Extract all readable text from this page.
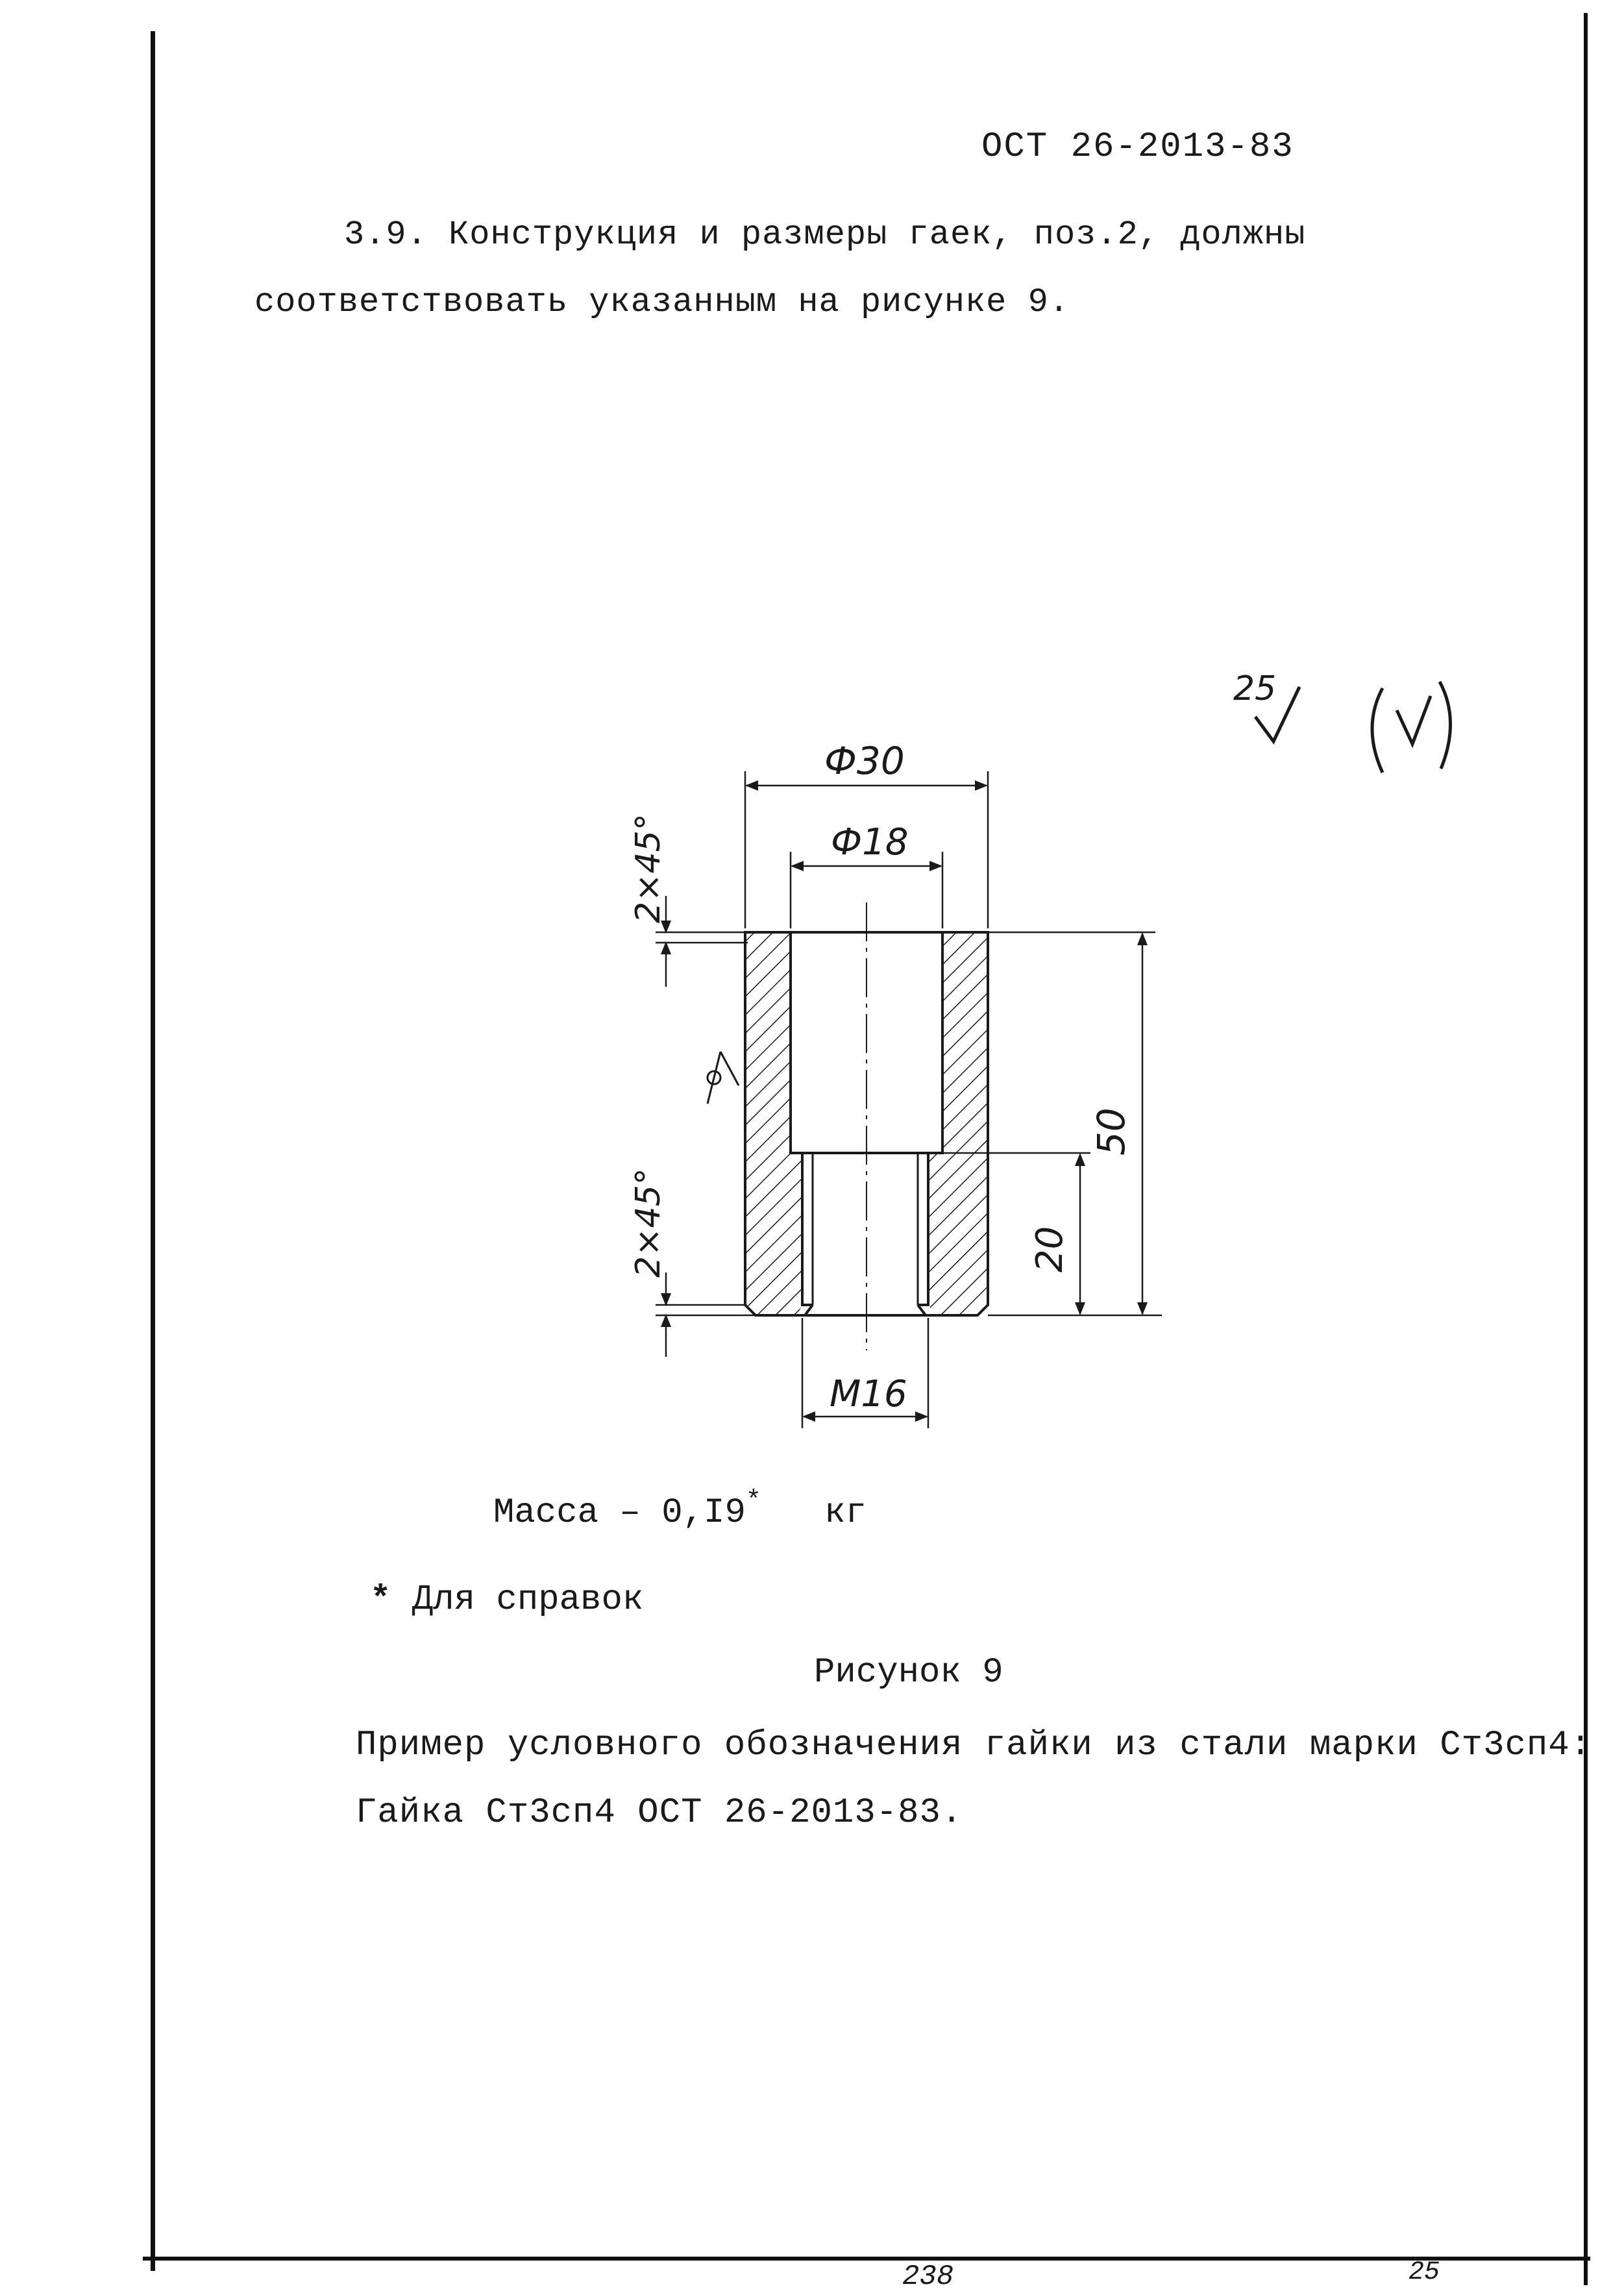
ОСТ 26-2013-83
3.9. Конструкция и размеры гаек, поз.2, должны
соответствовать указанным на рисунке 9.
25
Ф30
Ф18
М16
50
20
2×45°
2×45°
Масса – 0,I9* кг
* Для справок
Рисунок 9
Пример условного обозначения гайки из стали марки Ст3сп4:
Гайка Ст3сп4 ОСТ 26-2013-83.
238	25
